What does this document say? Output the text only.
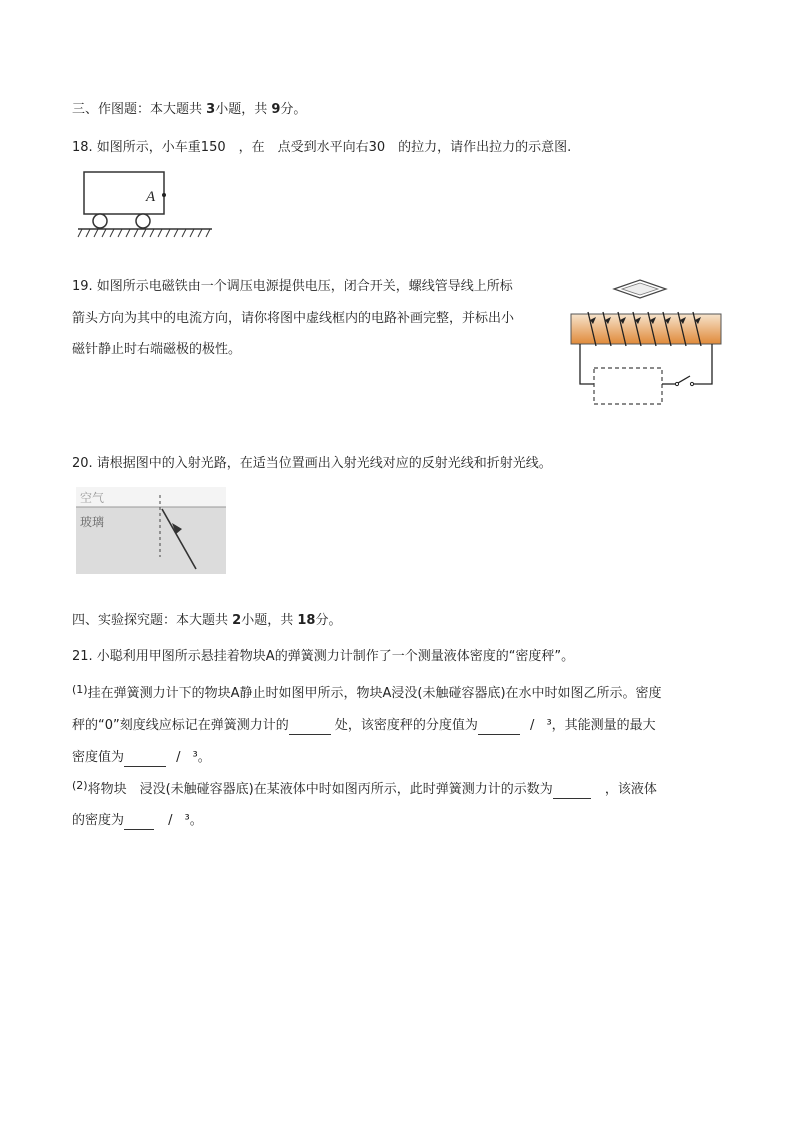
三、作图题：本大题共 3小题，共 9分。
18. 如图所示，小车重150　，在　点受到水平向右30　的拉力，请作出拉力的示意图.
A
19. 如图所示电磁铁由一个调压电源提供电压，闭合开关，螺线管导线上所标
箭头方向为其中的电流方向，请你将图中虚线框内的电路补画完整，并标出小
磁针静止时右端磁极的极性。
20. 请根据图中的入射光路，在适当位置画出入射光线对应的反射光线和折射光线。
空气
玻璃
四、实验探究题：本大题共 2小题，共 18分。
21. 小聪利用甲图所示悬挂着物块A的弹簧测力计制作了一个测量液体密度的“密度秤”。
$^{(1)}$挂在弹簧测力计下的物块A静止时如图甲所示，物块A浸没(未触碰容器底)在水中时如图乙所示。密度
秤的“0”刻度线应标记在弹簧测力计的	处，该密度秤的分度值为	/ ³，其能测量的最大
密度值为	/ ³。
$^{(2)}$将物块　浸没(未触碰容器底)在某液体中时如图丙所示，此时弹簧测力计的示数为	，该液体
的密度为	/ ³。
